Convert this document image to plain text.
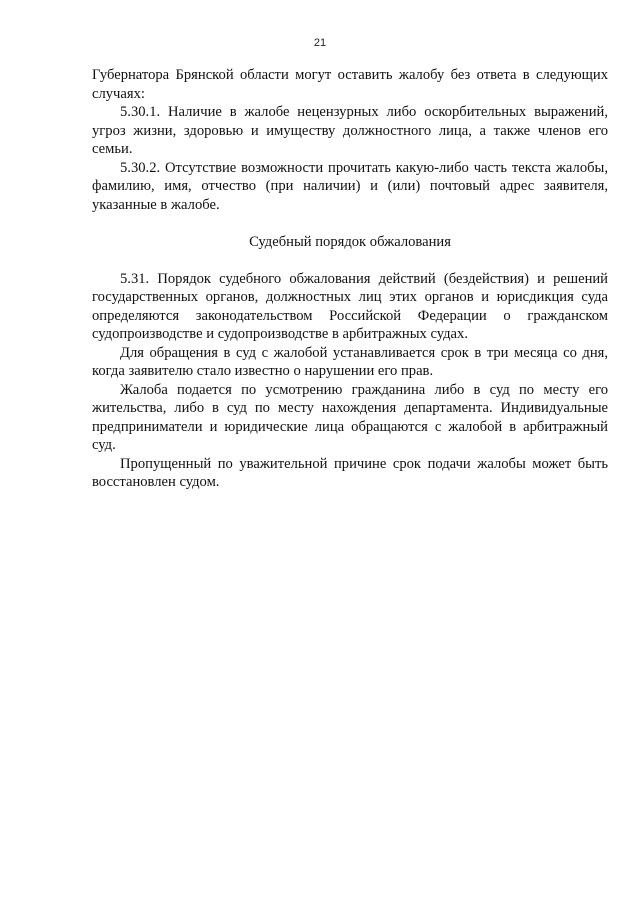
21

Губернатора Брянской области могут оставить жалобу без ответа в следующих случаях:

5.30.1. Наличие в жалобе нецензурных либо оскорбительных выражений, угроз жизни, здоровью и имуществу должностного лица, а также членов его семьи.

5.30.2. Отсутствие возможности прочитать какую-либо часть текста жалобы, фамилию, имя, отчество (при наличии) и (или) почтовый адрес заявителя, указанные в жалобе.

Судебный порядок обжалования

5.31. Порядок судебного обжалования действий (бездействия) и решений государственных органов, должностных лиц этих органов и юрисдикция суда определяются законодательством Российской Федерации о гражданском судопроизводстве и судопроизводстве в арбитражных судах.

Для обращения в суд с жалобой устанавливается срок в три месяца со дня, когда заявителю стало известно о нарушении его прав.

Жалоба подается по усмотрению гражданина либо в суд по месту его жительства, либо в суд по месту нахождения департамента. Индивидуальные предприниматели и юридические лица обращаются с жалобой в арбитражный суд.

Пропущенный по уважительной причине срок подачи жалобы может быть восстановлен судом.
